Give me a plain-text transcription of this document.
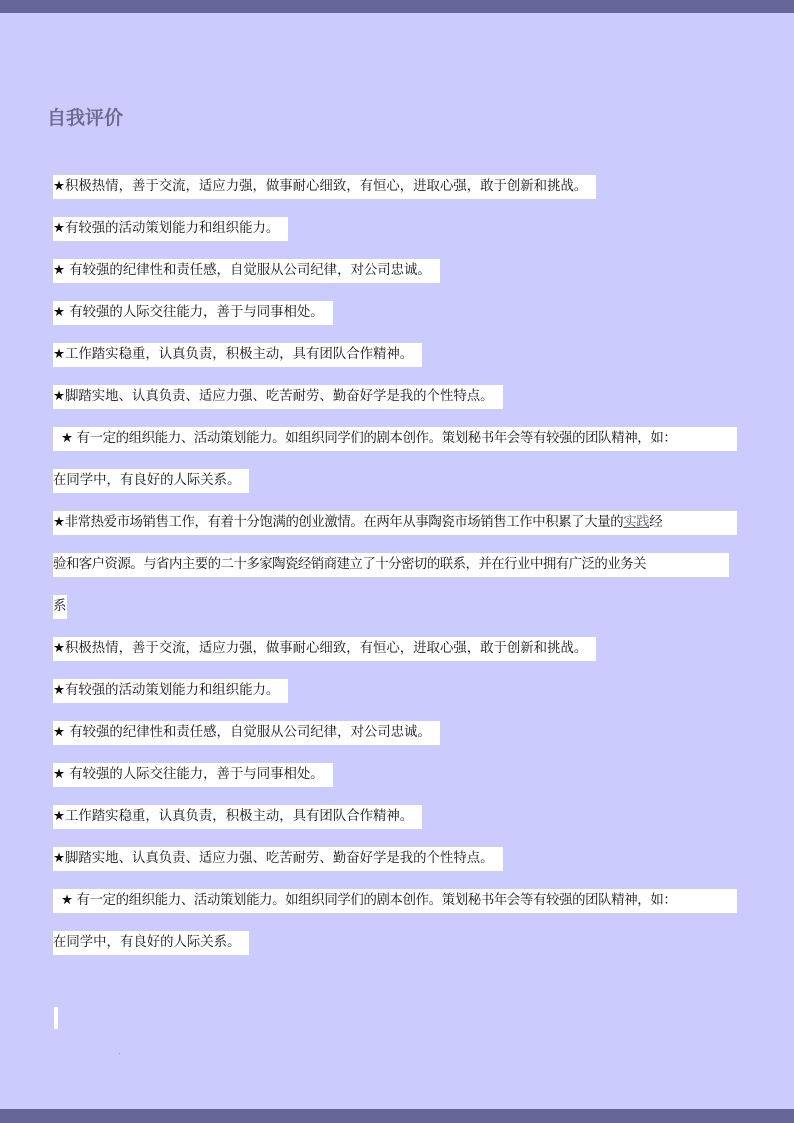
自我评价
★积极热情，善于交流，适应力强，做事耐心细致，有恒心，进取心强，敢于创新和挑战。
★有较强的活动策划能力和组织能力。
★ 有较强的纪律性和责任感，自觉服从公司纪律，对公司忠诚。
★ 有较强的人际交往能力，善于与同事相处。
★工作踏实稳重，认真负责，积极主动，具有团队合作精神。
★脚踏实地、认真负责、适应力强、吃苦耐劳、勤奋好学是我的个性特点。
★ 有一定的组织能力、活动策划能力。如组织同学们的剧本创作。策划秘书年会等有较强的团队精神，如：
在同学中，有良好的人际关系。
★非常热爱市场销售工作，有着十分饱满的创业激情。在两年从事陶瓷市场销售工作中积累了大量的实践经
验和客户资源。与省内主要的二十多家陶瓷经销商建立了十分密切的联系，并在行业中拥有广泛的业务关
系
★积极热情，善于交流，适应力强，做事耐心细致，有恒心，进取心强，敢于创新和挑战。
★有较强的活动策划能力和组织能力。
★ 有较强的纪律性和责任感，自觉服从公司纪律，对公司忠诚。
★ 有较强的人际交往能力，善于与同事相处。
★工作踏实稳重，认真负责，积极主动，具有团队合作精神。
★脚踏实地、认真负责、适应力强、吃苦耐劳、勤奋好学是我的个性特点。
★ 有一定的组织能力、活动策划能力。如组织同学们的剧本创作。策划秘书年会等有较强的团队精神，如：
在同学中，有良好的人际关系。
